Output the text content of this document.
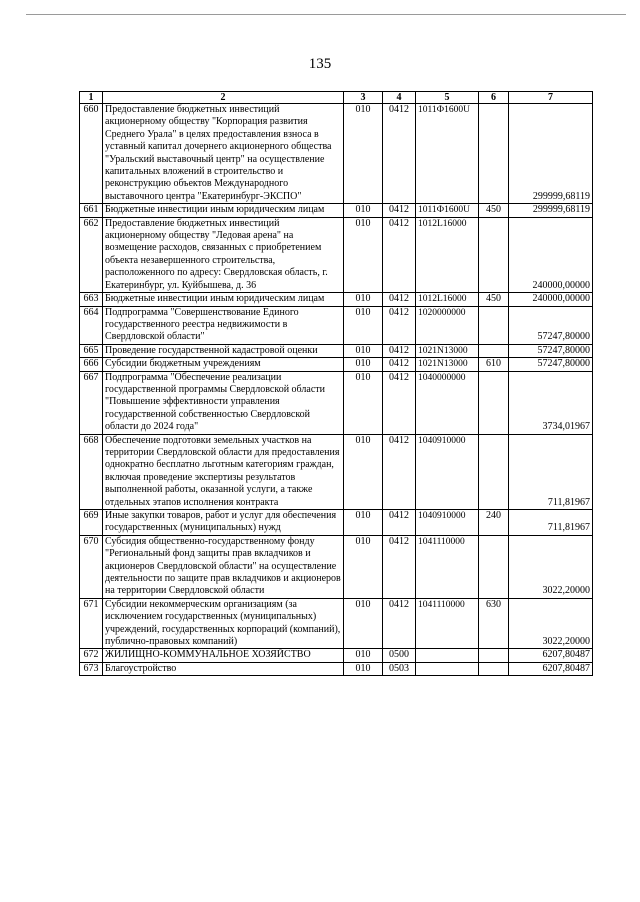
135
1	2	3	4	5	6	7
660	Предоставление бюджетных инвестиций акционерному обществу "Корпорация развития Среднего Урала" в целях предоставления взноса в уставный капитал дочернего акционерного общества "Уральский выставочный центр" на осуществление капитальных вложений в строительство и реконструкцию объектов Международного выставочного центра "Екатеринбург-ЭКСПО"	010	0412	1011Ф1600U		299999,68119
661	Бюджетные инвестиции иным юридическим лицам	010	0412	1011Ф1600U	450	299999,68119
662	Предоставление бюджетных инвестиций акционерному обществу "Ледовая арена" на возмещение расходов, связанных с приобретением объекта незавершенного строительства, расположенного по адресу: Свердловская область, г. Екатеринбург, ул. Куйбышева, д. 36	010	0412	1012L16000		240000,00000
663	Бюджетные инвестиции иным юридическим лицам	010	0412	1012L16000	450	240000,00000
664	Подпрограмма "Совершенствование Единого государственного реестра недвижимости в Свердловской области"	010	0412	1020000000		57247,80000
665	Проведение государственной кадастровой оценки	010	0412	1021N13000		57247,80000
666	Субсидии бюджетным учреждениям	010	0412	1021N13000	610	57247,80000
667	Подпрограмма "Обеспечение реализации государственной программы Свердловской области "Повышение эффективности управления государственной собственностью Свердловской области до 2024 года"	010	0412	1040000000		3734,01967
668	Обеспечение подготовки земельных участков на территории Свердловской области для предоставления однократно бесплатно льготным категориям граждан, включая проведение экспертизы результатов выполненной работы, оказанной услуги, а также отдельных этапов исполнения контракта	010	0412	1040910000		711,81967
669	Иные закупки товаров, работ и услуг для обеспечения государственных (муниципальных) нужд	010	0412	1040910000	240	711,81967
670	Субсидия общественно-государственному фонду "Региональный фонд защиты прав вкладчиков и акционеров Свердловской области" на осуществление деятельности по защите прав вкладчиков и акционеров на территории Свердловской области	010	0412	1041110000		3022,20000
671	Субсидии некоммерческим организациям (за исключением государственных (муниципальных) учреждений, государственных корпораций (компаний), публично-правовых компаний)	010	0412	1041110000	630	3022,20000
672	ЖИЛИЩНО-КОММУНАЛЬНОЕ ХОЗЯЙСТВО	010	0500			6207,80487
673	Благоустройство	010	0503			6207,80487
